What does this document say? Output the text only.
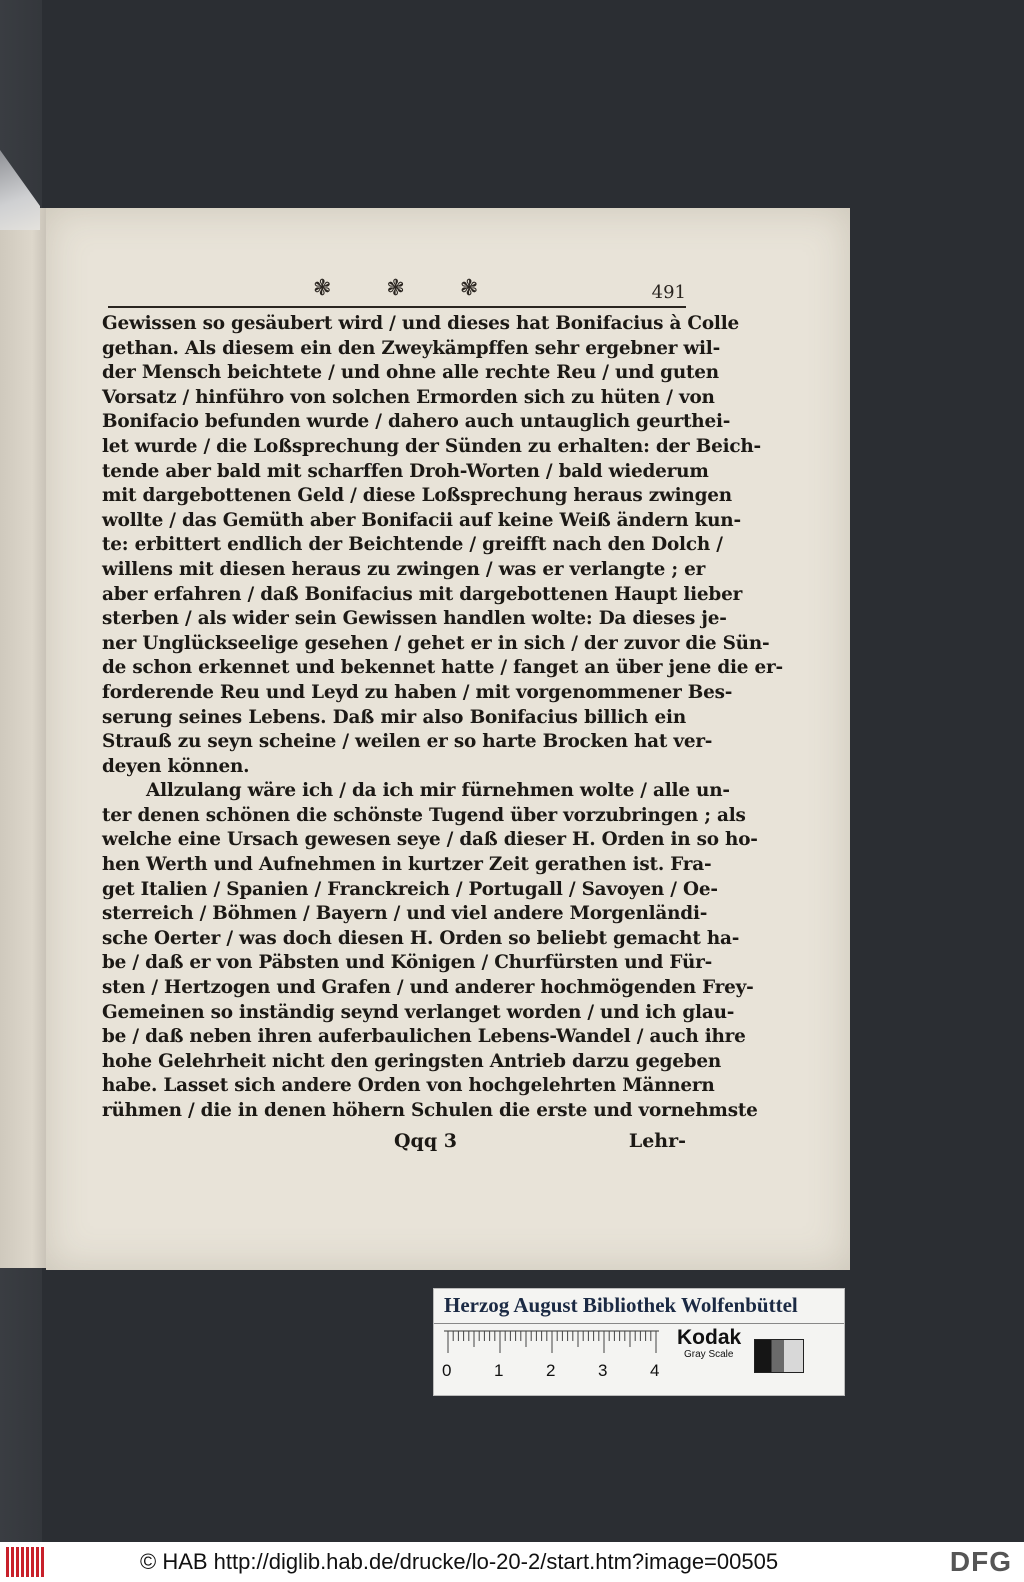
❃ ❃ ❃	491
Gewissen so gesäubert wird / und dieses hat Bonifacius à Colle
gethan. Als diesem ein den Zweykämpffen sehr ergebner wil-
der Mensch beichtete / und ohne alle rechte Reu / und guten
Vorsatz / hinführo von solchen Ermorden sich zu hüten / von
Bonifacio befunden wurde / dahero auch untauglich geurthei-
let wurde / die Loßsprechung der Sünden zu erhalten: der Beich-
tende aber bald mit scharffen Droh-Worten / bald wiederum
mit dargebottenen Geld / diese Loßsprechung heraus zwingen
wollte / das Gemüth aber Bonifacii auf keine Weiß ändern kun-
te: erbittert endlich der Beichtende / greifft nach den Dolch /
willens mit diesen heraus zu zwingen / was er verlangte ; er
aber erfahren / daß Bonifacius mit dargebottenen Haupt lieber
sterben / als wider sein Gewissen handlen wolte: Da dieses je-
ner Unglückseelige gesehen / gehet er in sich / der zuvor die Sün-
de schon erkennet und bekennet hatte / fanget an über jene die er-
forderende Reu und Leyd zu haben / mit vorgenommener Bes-
serung seines Lebens. Daß mir also Bonifacius billich ein
Strauß zu seyn scheine / weilen er so harte Brocken hat ver-
deyen können.
Allzulang wäre ich / da ich mir fürnehmen wolte / alle un-
ter denen schönen die schönste Tugend über vorzubringen ; als
welche eine Ursach gewesen seye / daß dieser H. Orden in so ho-
hen Werth und Aufnehmen in kurtzer Zeit gerathen ist. Fra-
get Italien / Spanien / Franckreich / Portugall / Savoyen / Oe-
sterreich / Böhmen / Bayern / und viel andere Morgenländi-
sche Oerter / was doch diesen H. Orden so beliebt gemacht ha-
be / daß er von Päbsten und Königen / Churfürsten und Für-
sten / Hertzogen und Grafen / und anderer hochmögenden Frey-
Gemeinen so inständig seynd verlanget worden / und ich glau-
be / daß neben ihren auferbaulichen Lebens-Wandel / auch ihre
hohe Gelehrheit nicht den geringsten Antrieb darzu gegeben
habe. Lasset sich andere Orden von hochgelehrten Männern
rühmen / die in denen höhern Schulen die erste und vornehmste
Qqq 3	Lehr-
Herzog August Bibliothek Wolfenbüttel
0	1	2	3	4
Kodak
Gray Scale
© HAB http://diglib.hab.de/drucke/lo-20-2/start.htm?image=00505	DFG
